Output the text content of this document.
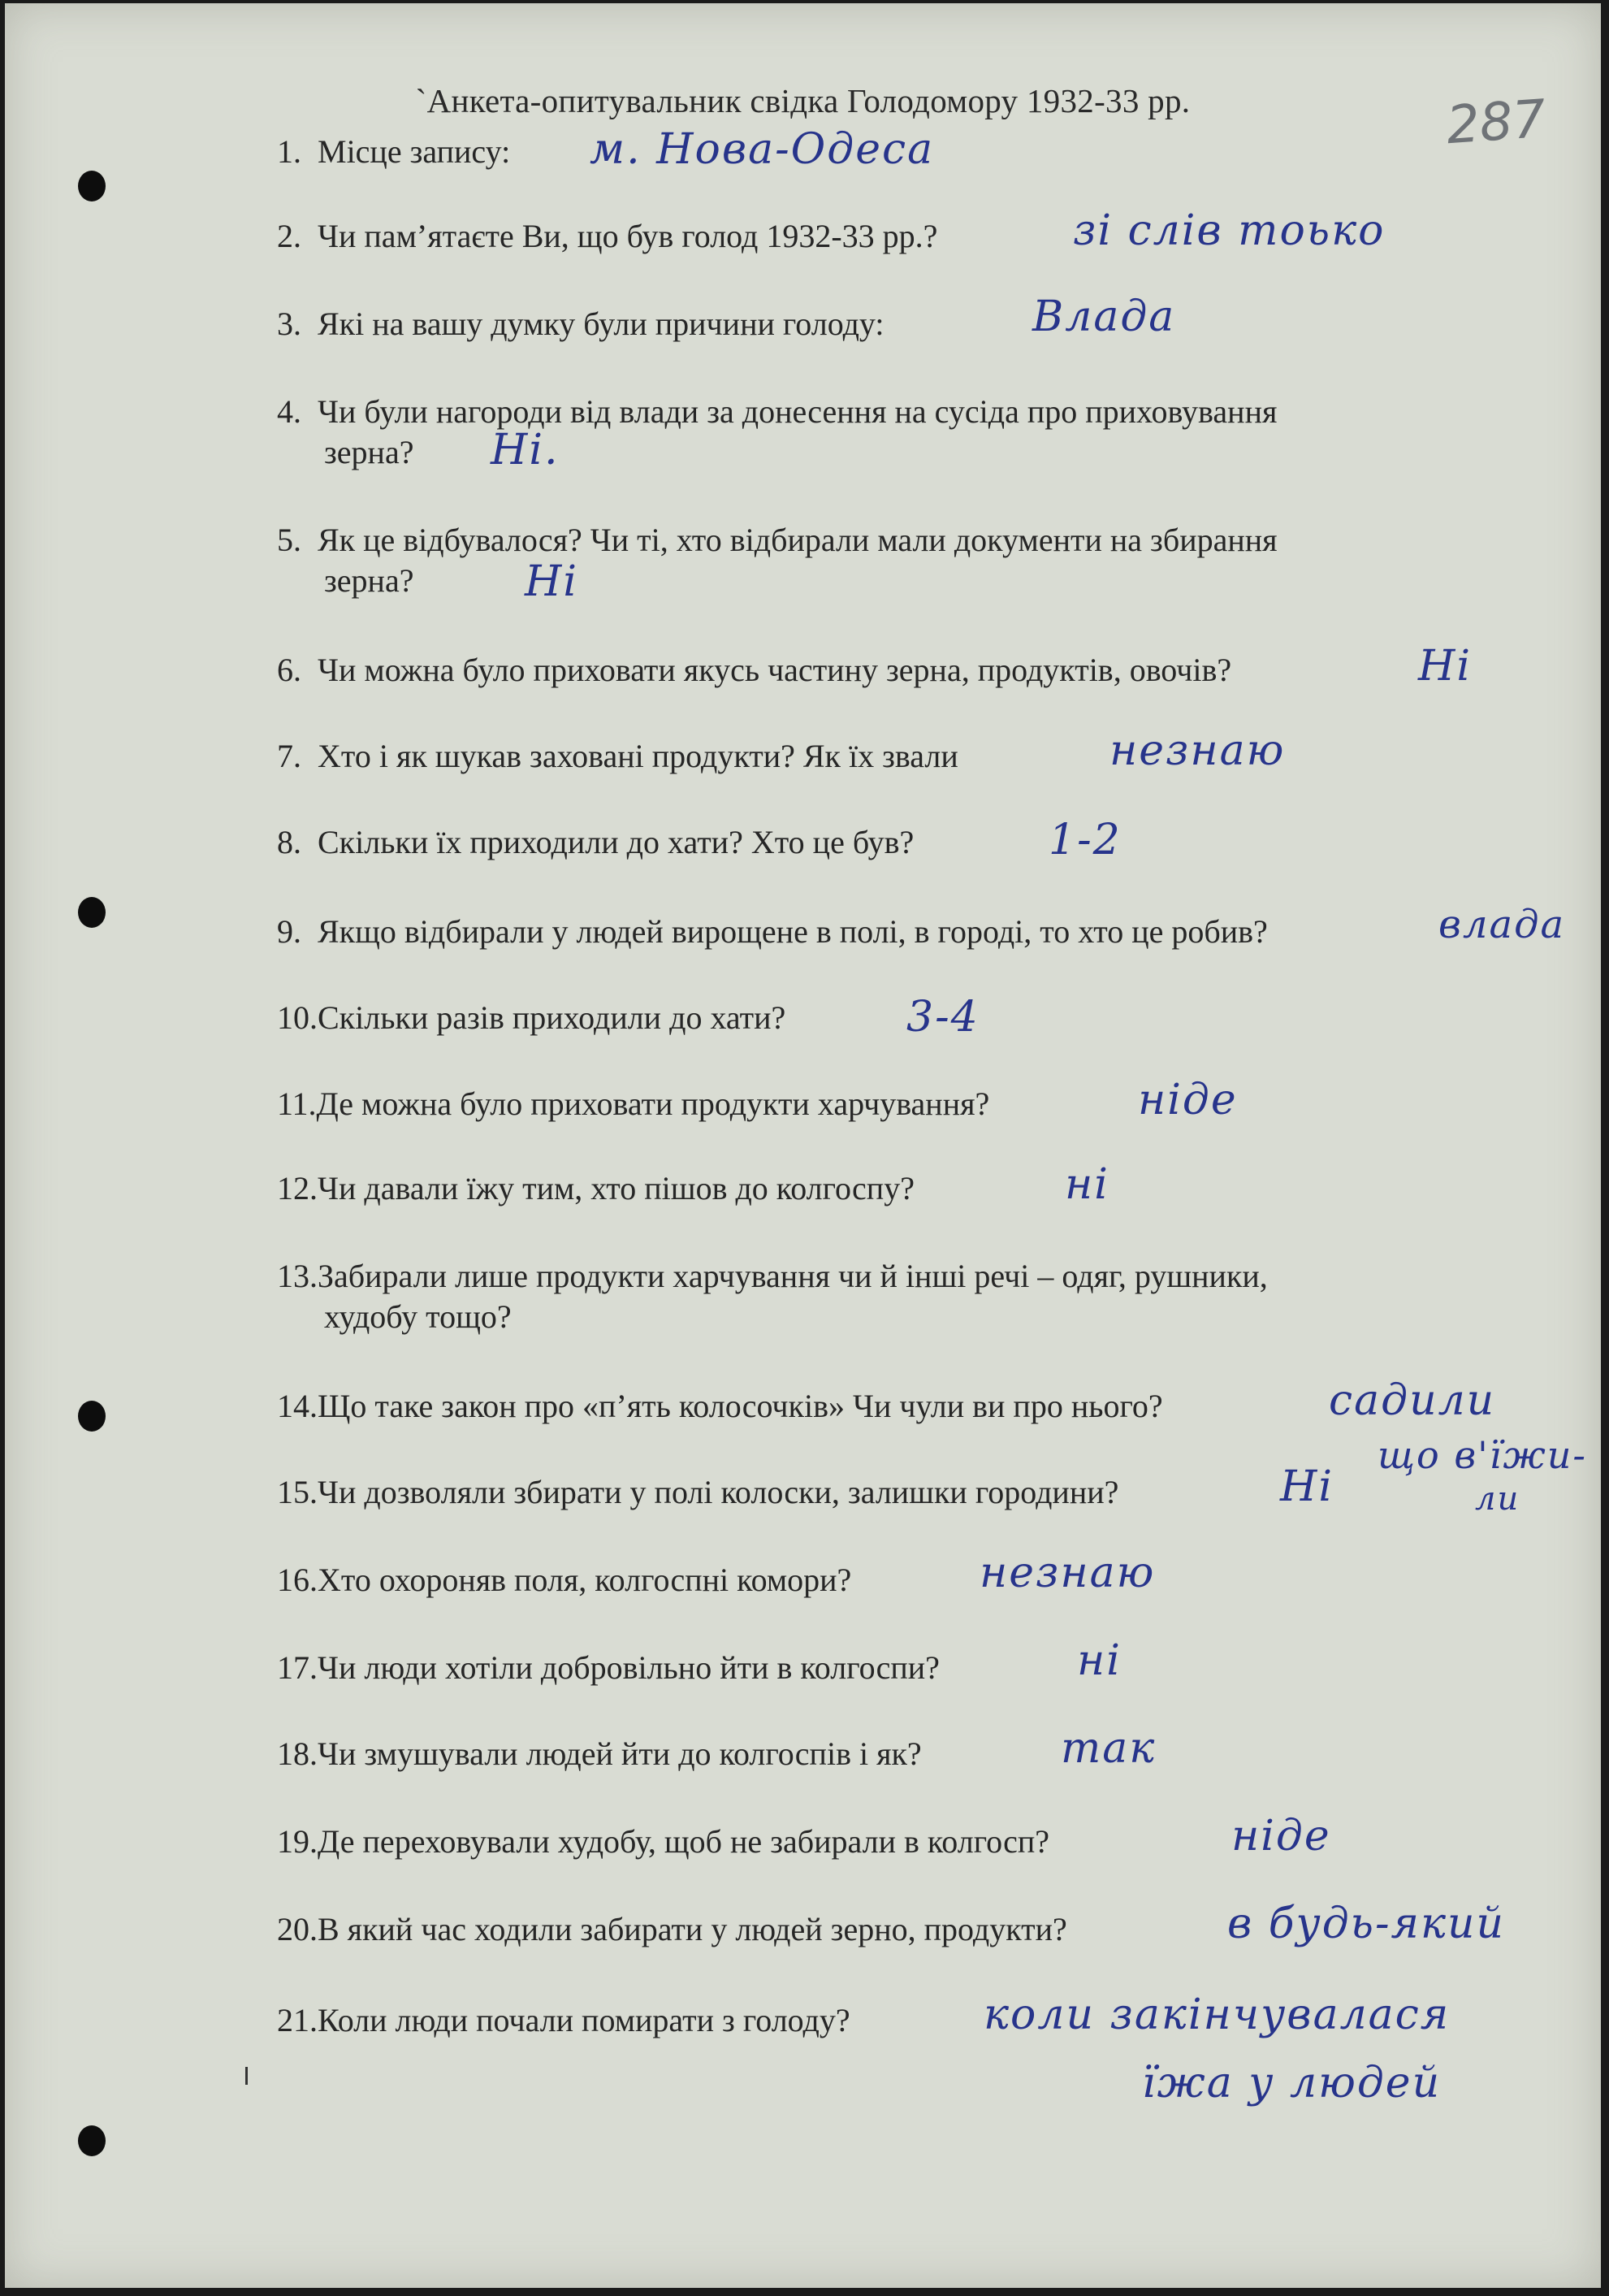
`Анкета-опитувальник свідка Голодомору 1932-33 рр.	287
1. Місце запису:	м. Нова-Одеса
2. Чи пам’ятаєте Ви, що був голод 1932-33 рр.?	зі слів тоько
3. Які на вашу думку були причини голоду:	Влада
4. Чи були нагороди від влади за донесення на сусіда про приховування
зерна?	Ні.
5. Як це відбувалося? Чи ті, хто відбирали мали документи на збирання
зерна?	Ні
6. Чи можна було приховати якусь частину зерна, продуктів, овочів?	Ні
7. Хто і як шукав заховані продукти? Як їх звали	незнаю
8. Скільки їх приходили до хати? Хто це був?	1-2
9. Якщо відбирали у людей вирощене в полі, в городі, то хто це робив?	влада
10.Скільки разів приходили до хати?	3-4
11.Де можна було приховати продукти харчування?	ніде
12.Чи давали їжу тим, хто пішов до колгоспу?	ні
13.Забирали лише продукти харчування чи й інші речі – одяг, рушники,
худобу тощо?
14.Що таке закон про «п’ять колосочків» Чи чули ви про нього?	садили
що в'їжи-
ли
15.Чи дозволяли збирати у полі колоски, залишки городини?	Ні
16.Хто охороняв поля, колгоспні комори?	незнаю
17.Чи люди хотіли добровільно йти в колгоспи?	ні
18.Чи змушували людей йти до колгоспів і як?	так
19.Де переховували худобу, щоб не забирали в колгосп?	ніде
20.В який час ходили забирати у людей зерно, продукти?	в будь-який
21.Коли люди почали помирати з голоду?	коли закінчувалася
їжа у людей
